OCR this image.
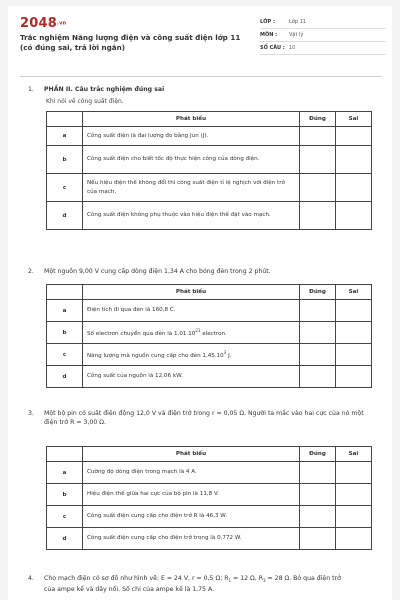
2048.vn
Trắc nghiệm Năng lượng điện và công suất điện lớp 11 (có đúng sai, trả lời ngắn)
LỚP :	Lớp 11
MÔN :	Vật lý
SỐ CÂU : 10
1. PHẦN II. Câu trắc nghiệm đúng sai
Khi nói về công suất điện.
	Phát biểu	Đúng	Sai
a	Công suất điện là đại lượng đo bằng Jun (J).		
b	Công suất điện cho biết tốc độ thực hiện công của dòng điện.		
c	Nếu hiệu điện thế không đổi thì công suất điện tỉ lệ nghịch với điện trở của mạch.		
d	Công suất điện không phụ thuộc vào hiệu điện thế đặt vào mạch.		
2. Một nguồn 9,00 V cung cấp dòng điện 1,34 A cho bóng đèn trong 2 phút.
	Phát biểu	Đúng	Sai
a	Điện tích đi qua đèn là 160,8 C.		
b	Số electron chuyển qua đèn là 1,01.10$^{21}$ electron.		
c	Năng lượng mà nguồn cung cấp cho đèn 1,45.10$^3$ J.		
d	Công suất của nguồn là 12,06 kW.		
3.	Một bộ pin có suất điện động 12,0 V và điện trở trong r = 0,05 Ω. Người ta mắc vào hai cực của nó một điện trở R = 3,00 Ω.
	Phát biểu	Đúng	Sai
a	Cường độ dòng điện trong mạch là 4 A.		
b	Hiệu điện thế giữa hai cực của bộ pin là 11,8 V.		
c	Công suất điện cung cấp cho điện trở R là 46,3 W.		
d	Công suất điện cung cấp cho điện trở trong là 0,772 W.		
4.	Cho mạch điện có sơ đồ như hình vẽ: E = 24 V, r = 0,5 Ω; $R_1 = 12$ Ω, $R_3 = 28$ Ω. Bỏ qua điện trở
của ampe kế và dây nối. Số chỉ của ampe kế là 1,75 A.
